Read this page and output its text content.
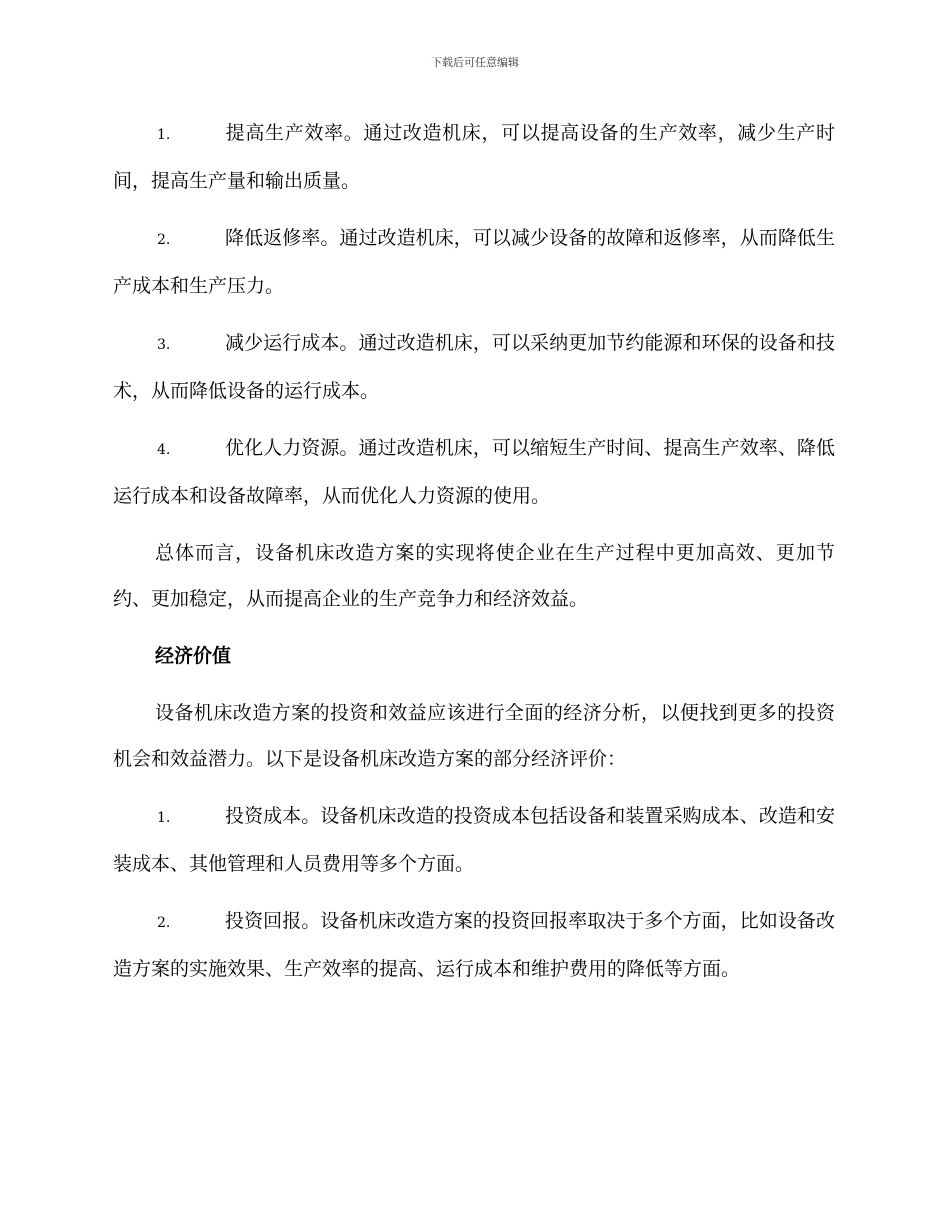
下载后可任意编辑
1.	提高生产效率。通过改造机床，可以提高设备的生产效率，减少生产时间，提高生产量和输出质量。
2.	降低返修率。通过改造机床，可以减少设备的故障和返修率，从而降低生产成本和生产压力。
3.	减少运行成本。通过改造机床，可以采纳更加节约能源和环保的设备和技术，从而降低设备的运行成本。
4.	优化人力资源。通过改造机床，可以缩短生产时间、提高生产效率、降低运行成本和设备故障率，从而优化人力资源的使用。
总体而言，设备机床改造方案的实现将使企业在生产过程中更加高效、更加节约、更加稳定，从而提高企业的生产竞争力和经济效益。
经济价值
设备机床改造方案的投资和效益应该进行全面的经济分析，以便找到更多的投资机会和效益潜力。以下是设备机床改造方案的部分经济评价：
1.	投资成本。设备机床改造的投资成本包括设备和装置采购成本、改造和安装成本、其他管理和人员费用等多个方面。
2.	投资回报。设备机床改造方案的投资回报率取决于多个方面，比如设备改造方案的实施效果、生产效率的提高、运行成本和维护费用的降低等方面。
